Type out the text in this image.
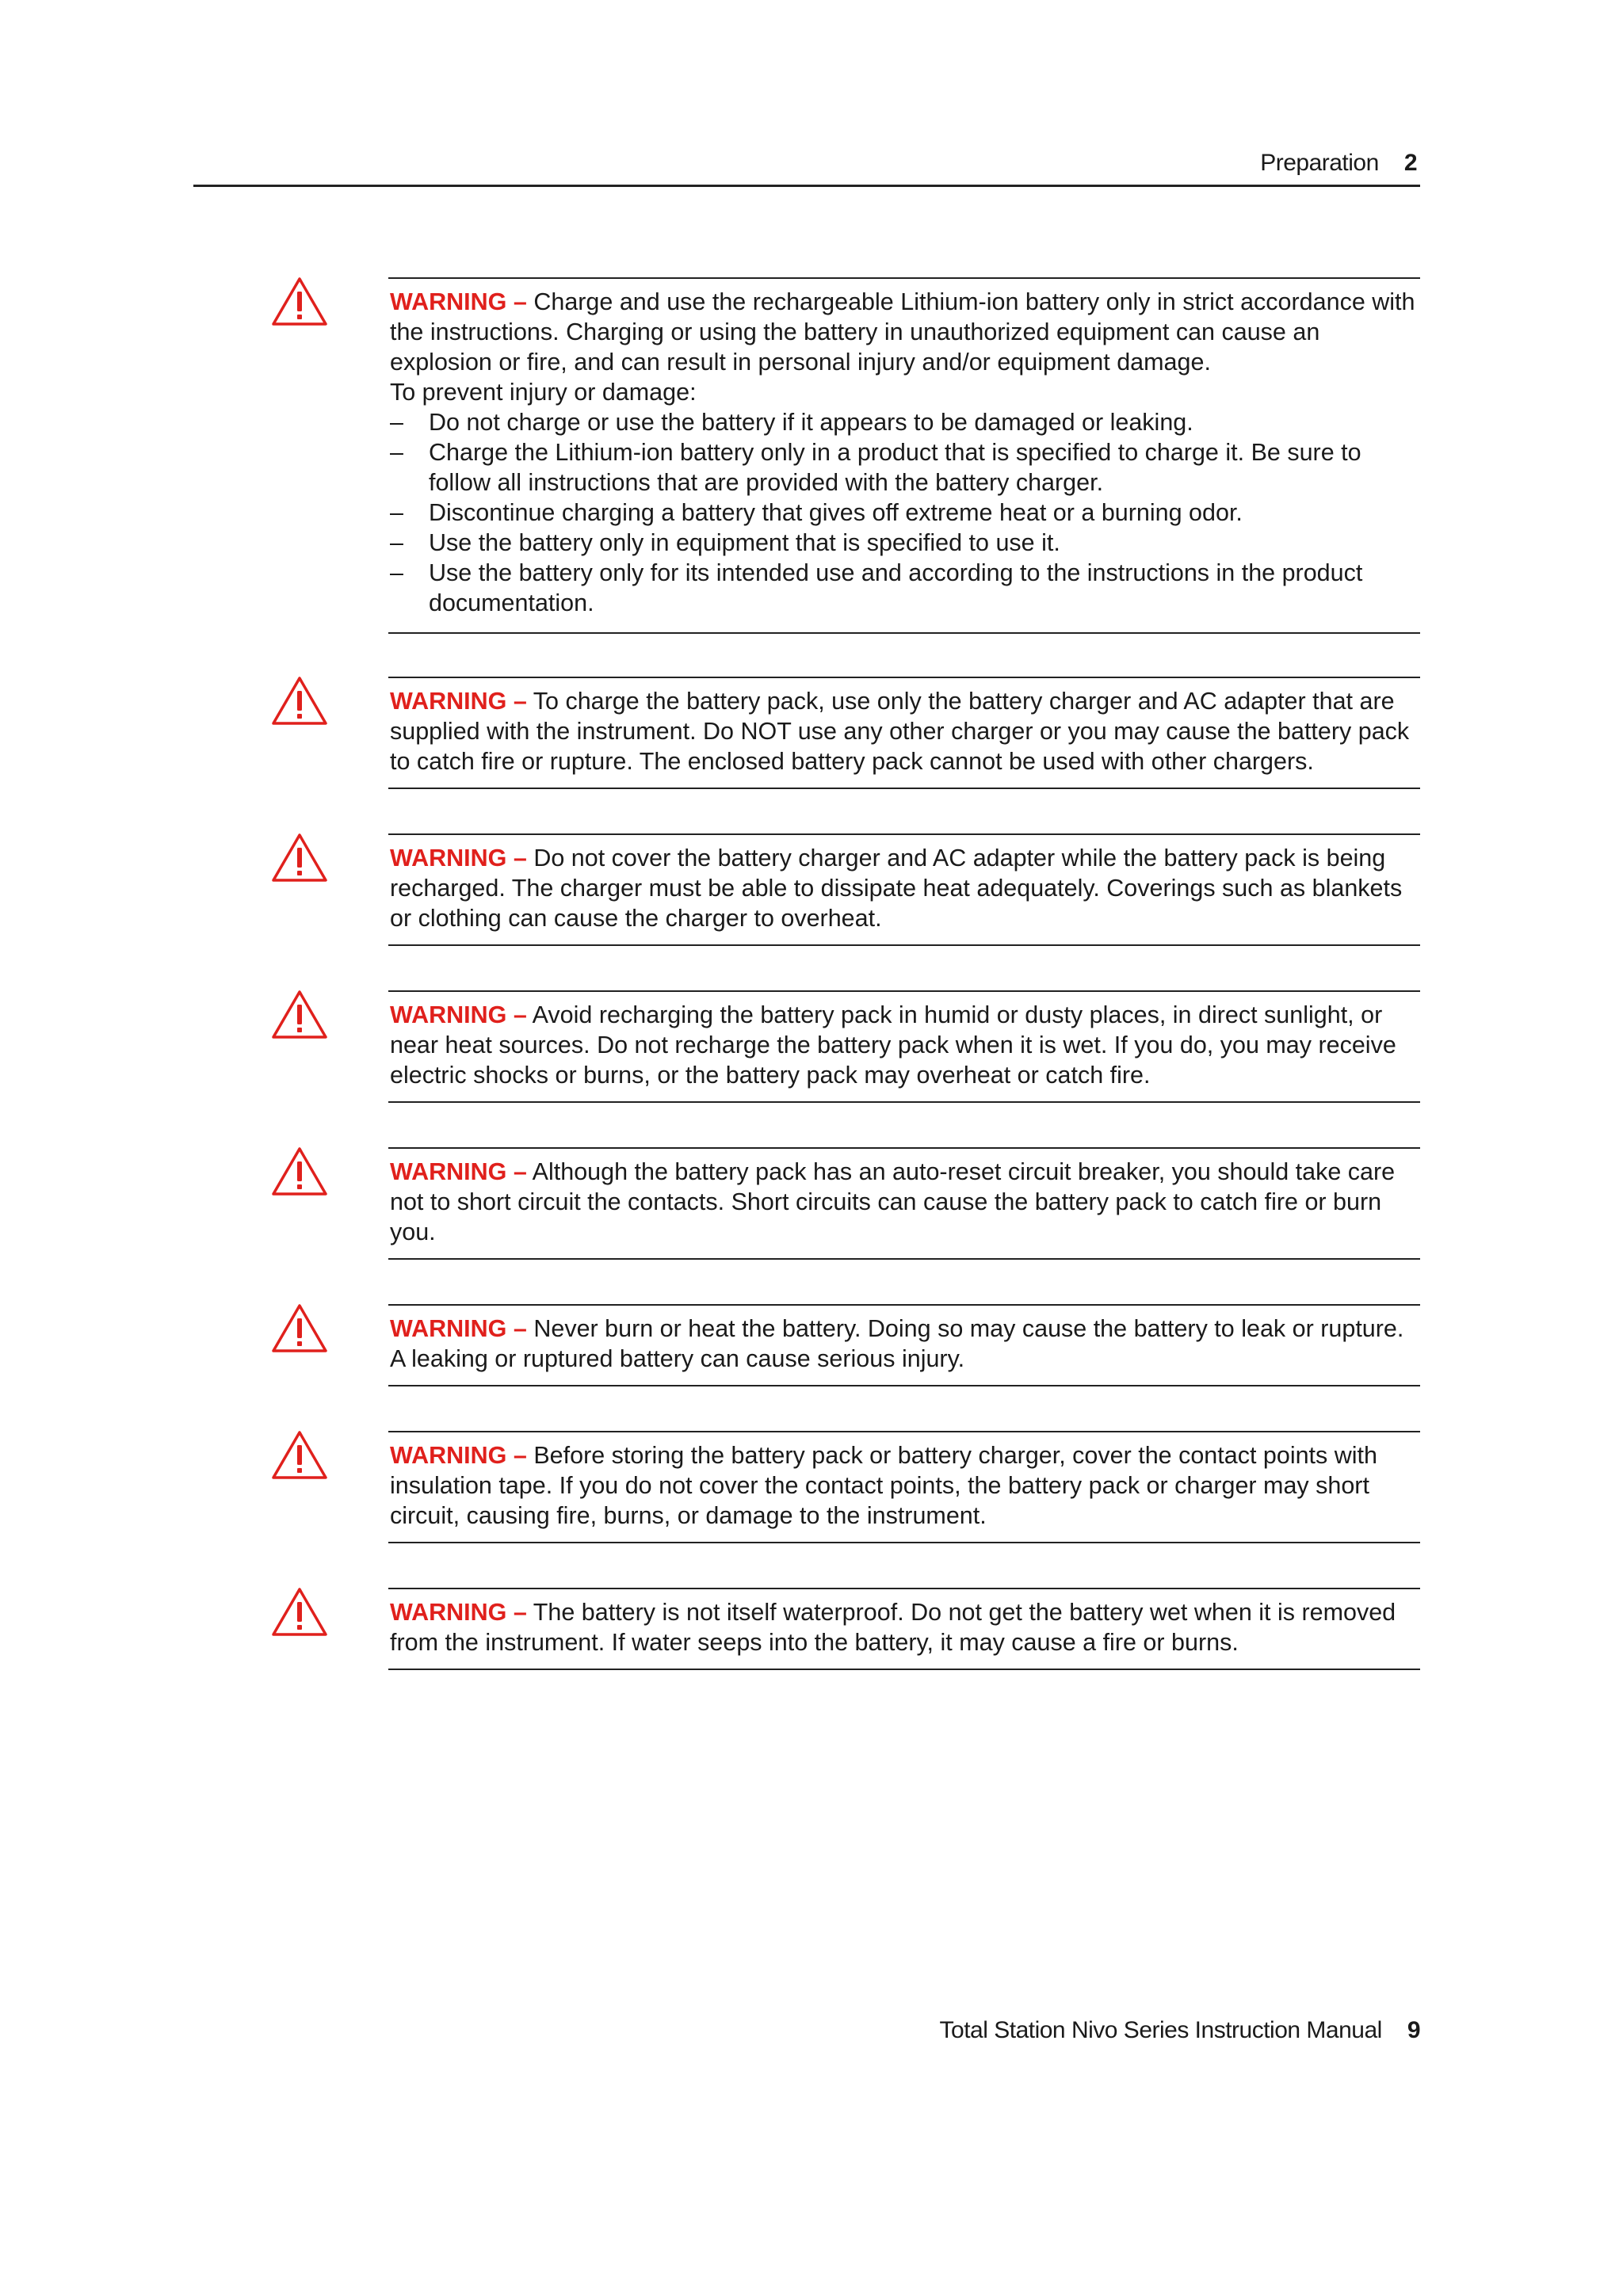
Preparation 2

WARNING – Charge and use the rechargeable Lithium-ion battery only in strict accordance with the instructions. Charging or using the battery in unauthorized equipment can cause an explosion or fire, and can result in personal injury and/or equipment damage.

To prevent injury or damage:

– Do not charge or use the battery if it appears to be damaged or leaking.
– Charge the Lithium-ion battery only in a product that is specified to charge it. Be sure to follow all instructions that are provided with the battery charger.
– Discontinue charging a battery that gives off extreme heat or a burning odor.
– Use the battery only in equipment that is specified to use it.
– Use the battery only for its intended use and according to the instructions in the product documentation.

WARNING – To charge the battery pack, use only the battery charger and AC adapter that are supplied with the instrument. Do NOT use any other charger or you may cause the battery pack to catch fire or rupture. The enclosed battery pack cannot be used with other chargers.

WARNING – Do not cover the battery charger and AC adapter while the battery pack is being recharged. The charger must be able to dissipate heat adequately. Coverings such as blankets or clothing can cause the charger to overheat.

WARNING – Avoid recharging the battery pack in humid or dusty places, in direct sunlight, or near heat sources. Do not recharge the battery pack when it is wet. If you do, you may receive electric shocks or burns, or the battery pack may overheat or catch fire.

WARNING – Although the battery pack has an auto-reset circuit breaker, you should take care not to short circuit the contacts. Short circuits can cause the battery pack to catch fire or burn you.

WARNING – Never burn or heat the battery. Doing so may cause the battery to leak or rupture. A leaking or ruptured battery can cause serious injury.

WARNING – Before storing the battery pack or battery charger, cover the contact points with insulation tape. If you do not cover the contact points, the battery pack or charger may short circuit, causing fire, burns, or damage to the instrument.

WARNING – The battery is not itself waterproof. Do not get the battery wet when it is removed from the instrument. If water seeps into the battery, it may cause a fire or burns.

Total Station Nivo Series Instruction Manual 9
